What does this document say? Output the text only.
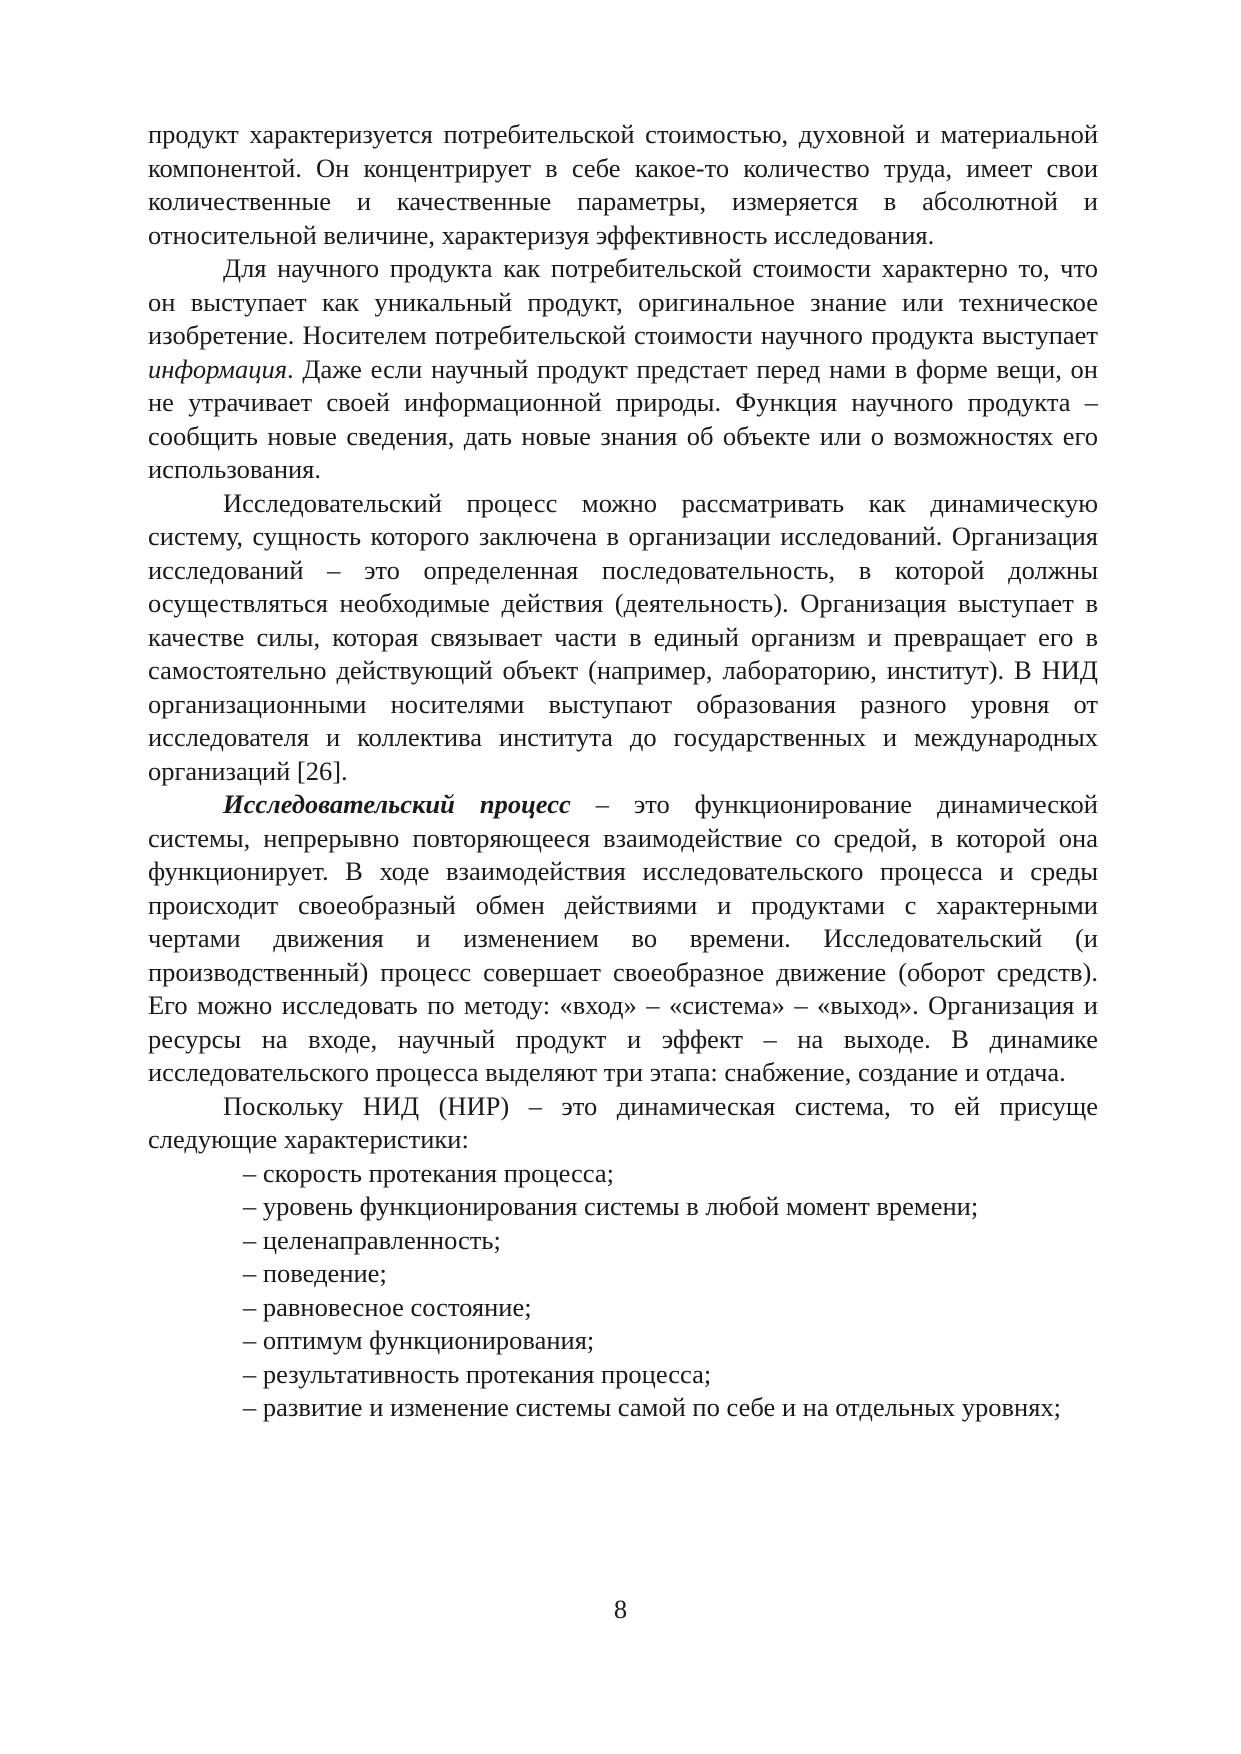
продукт характеризуется потребительской стоимостью, духовной и материальной компонентой. Он концентрирует в себе какое-то количество труда, имеет свои количественные и качественные параметры, измеряется в абсолютной и относительной величине, характеризуя эффективность исследования.

Для научного продукта как потребительской стоимости характерно то, что он выступает как уникальный продукт, оригинальное знание или техническое изобретение. Носителем потребительской стоимости научного продукта выступает информация. Даже если научный продукт предстает перед нами в форме вещи, он не утрачивает своей информационной природы. Функция научного продукта – сообщить новые сведения, дать новые знания об объекте или о возможностях его использования.

Исследовательский процесс можно рассматривать как динамическую систему, сущность которого заключена в организации исследований. Организация исследований – это определенная последовательность, в которой должны осуществляться необходимые действия (деятельность). Организация выступает в качестве силы, которая связывает части в единый организм и превращает его в самостоятельно действующий объект (например, лабораторию, институт). В НИД организационными носителями выступают образования разного уровня от исследователя и коллектива института до государственных и международных организаций [26].

Исследовательский процесс – это функционирование динамической системы, непрерывно повторяющееся взаимодействие со средой, в которой она функционирует. В ходе взаимодействия исследовательского процесса и среды происходит своеобразный обмен действиями и продуктами с характерными чертами движения и изменением во времени. Исследовательский (и производственный) процесс совершает своеобразное движение (оборот средств). Его можно исследовать по методу: «вход» – «система» – «выход». Организация и ресурсы на входе, научный продукт и эффект – на выходе. В динамике исследовательского процесса выделяют три этапа: снабжение, создание и отдача.

Поскольку НИД (НИР) – это динамическая система, то ей присуще следующие характеристики:

– скорость протекания процесса;

– уровень функционирования системы в любой момент времени;

– целенаправленность;

– поведение;

– равновесное состояние;

– оптимум функционирования;

– результативность протекания процесса;

– развитие и изменение системы самой по себе и на отдельных уровнях;

8
